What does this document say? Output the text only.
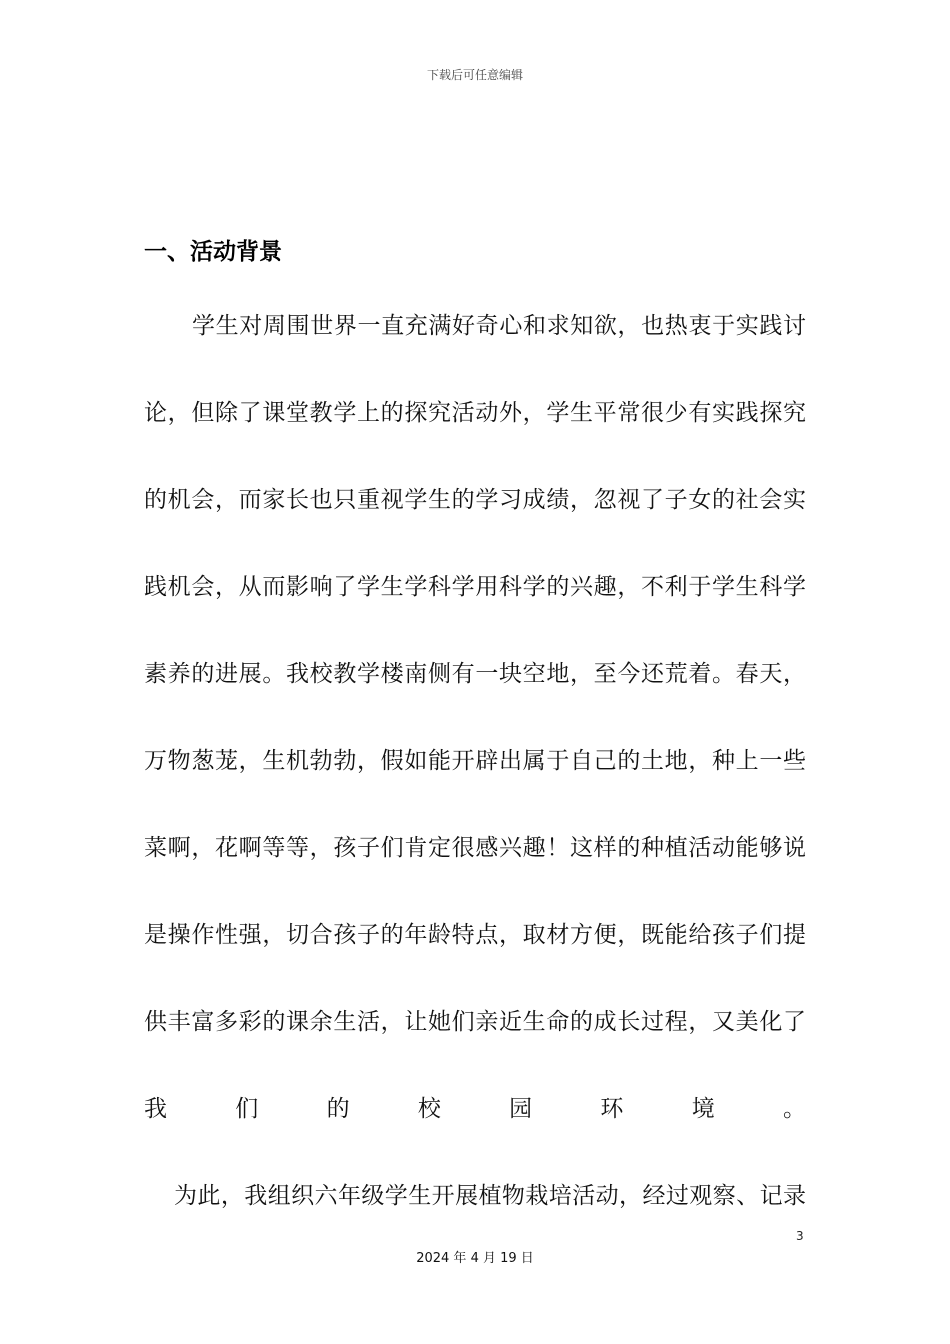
下载后可任意编辑
一、活动背景
学生对周围世界一直充满好奇心和求知欲，也热衷于实践讨
论，但除了课堂教学上的探究活动外，学生平常很少有实践探究
的机会，而家长也只重视学生的学习成绩，忽视了子女的社会实
践机会，从而影响了学生学科学用科学的兴趣，不利于学生科学
素养的进展。我校教学楼南侧有一块空地，至今还荒着。春天，
万物葱茏，生机勃勃，假如能开辟出属于自己的土地，种上一些
菜啊，花啊等等，孩子们肯定很感兴趣！这样的种植活动能够说
是操作性强，切合孩子的年龄特点，取材方便，既能给孩子们提
供丰富多彩的课余生活，让她们亲近生命的成长过程，又美化了
我们的校园环境。
为此，我组织六年级学生开展植物栽培活动，经过观察、记录
3
2024 年 4 月 19 日
